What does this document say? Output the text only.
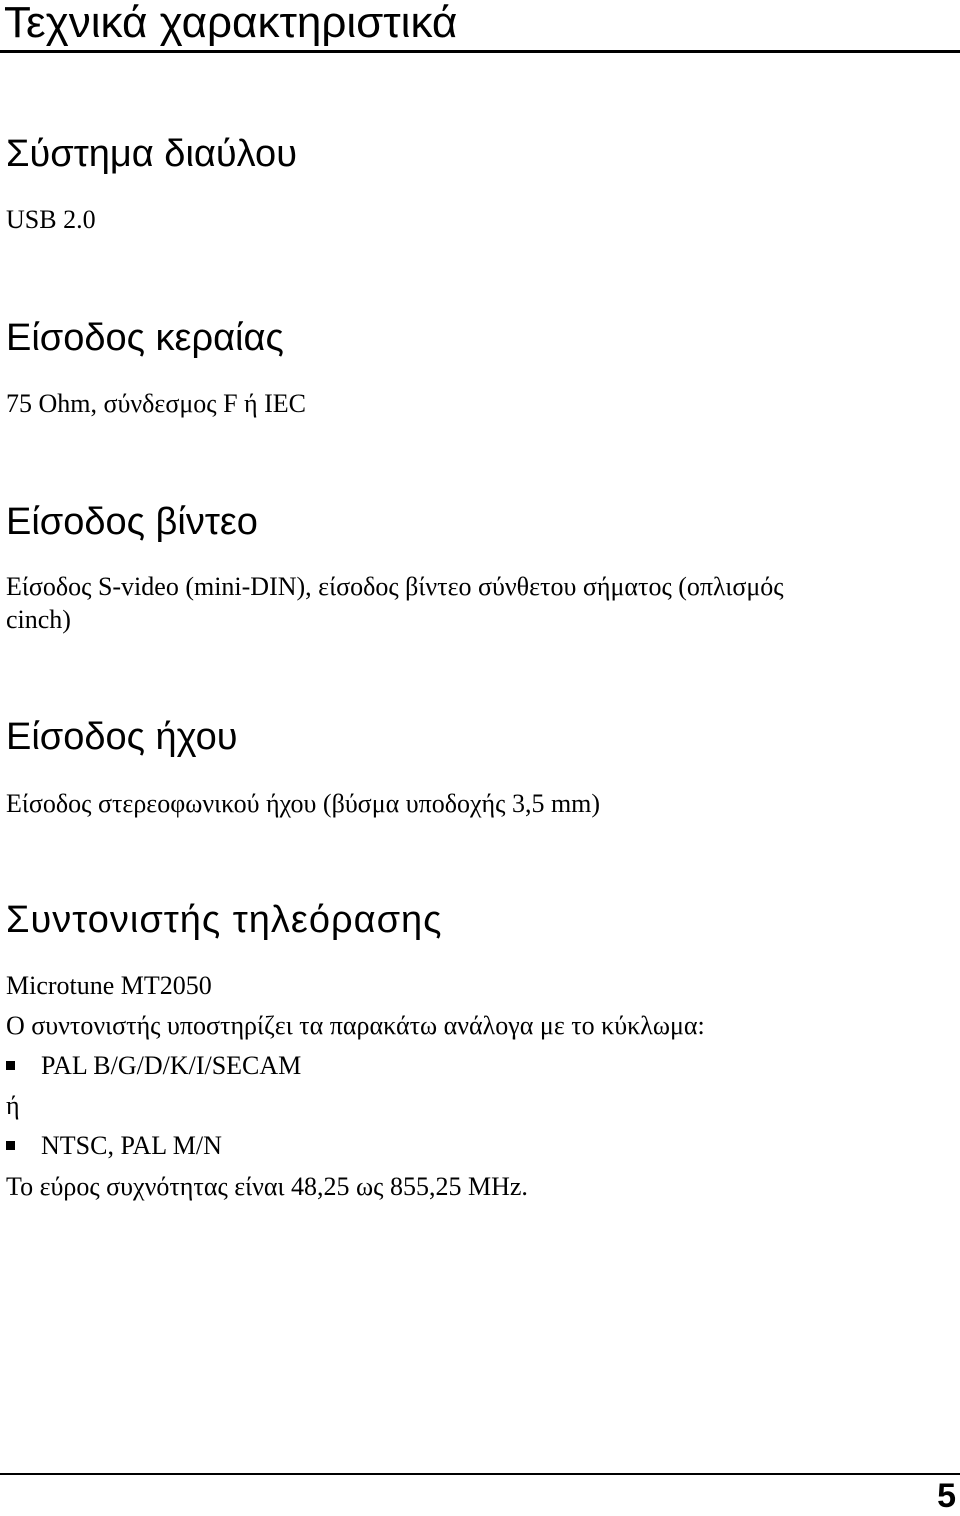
Τεχνικά χαρακτηριστικά
Σύστημα διαύλου

USB 2.0

Είσοδος κεραίας

75 Ohm, σύνδεσμος F ή IEC

Είσοδος βίντεο

Είσοδος S-video (mini-DIN), είσοδος βίντεο σύνθετου σήματος (οπλισμός

cinch)

Είσοδος ήχου

Είσοδος στερεοφωνικού ήχου (βύσμα υποδοχής 3,5 mm)

Συντονιστής τηλεόρασης

Microtune MT2050

Ο συντονιστής υποστηρίζει τα παρακάτω ανάλογα με το κύκλωμα:

PAL B/G/D/K/I/SECAM

ή

NTSC, PAL M/N

Το εύρος συχνότητας είναι 48,25 ως 855,25 MHz.

5
